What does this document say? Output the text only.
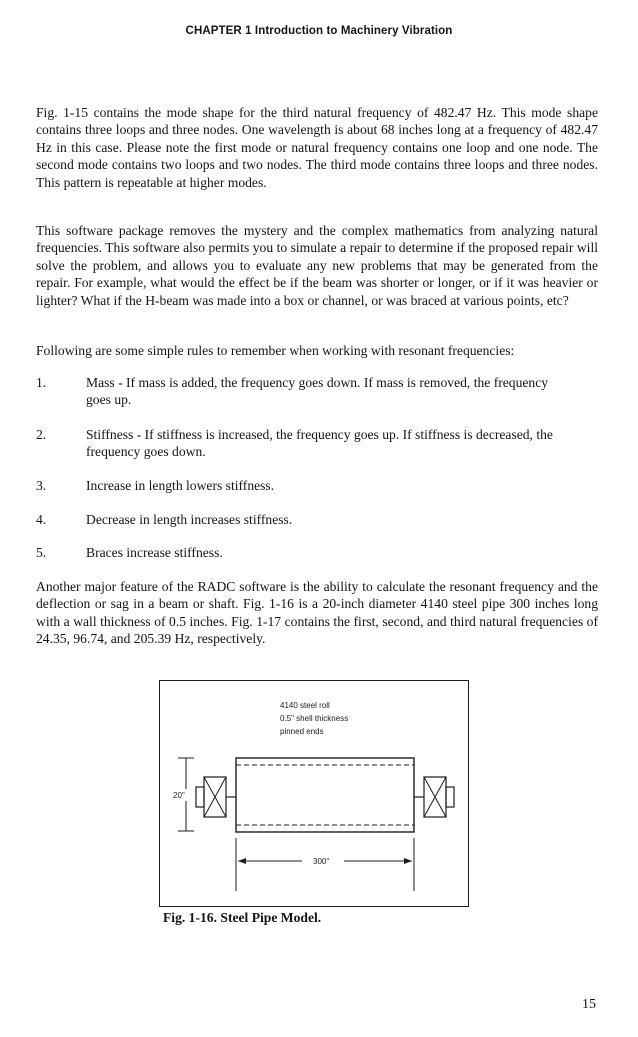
CHAPTER 1 Introduction to Machinery Vibration

Fig. 1-15 contains the mode shape for the third natural frequency of 482.47 Hz. This mode shape contains three loops and three nodes. One wavelength is about 68 inches long at a frequency of 482.47 Hz in this case. Please note the first mode or natural frequency contains one loop and one node. The second mode contains two loops and two nodes. The third mode contains three loops and three nodes. This pattern is repeatable at higher modes.

This software package removes the mystery and the complex mathematics from analyzing natural frequencies. This software also permits you to simulate a repair to determine if the proposed repair will solve the problem, and allows you to evaluate any new problems that may be generated from the repair. For example, what would the effect be if the beam was shorter or longer, or if it was heavier or lighter? What if the H-beam was made into a box or channel, or was braced at various points, etc?

Following are some simple rules to remember when working with resonant frequencies:

1.	Mass - If mass is added, the frequency goes down. If mass is removed, the frequency goes up.
2.	Stiffness - If stiffness is increased, the frequency goes up. If stiffness is decreased, the frequency goes down.
3.	Increase in length lowers stiffness.
4.	Decrease in length increases stiffness.
5.	Braces increase stiffness.

Another major feature of the RADC software is the ability to calculate the resonant frequency and the deflection or sag in a beam or shaft. Fig. 1-16 is a 20-inch diameter 4140 steel pipe 300 inches long with a wall thickness of 0.5 inches. Fig. 1-17 contains the first, second, and third natural frequencies of 24.35, 96.74, and 205.39 Hz, respectively.

4140 steel roll
0.5" shell thickness
pinned ends
20"
300"
Fig. 1-16. Steel Pipe Model.
15
